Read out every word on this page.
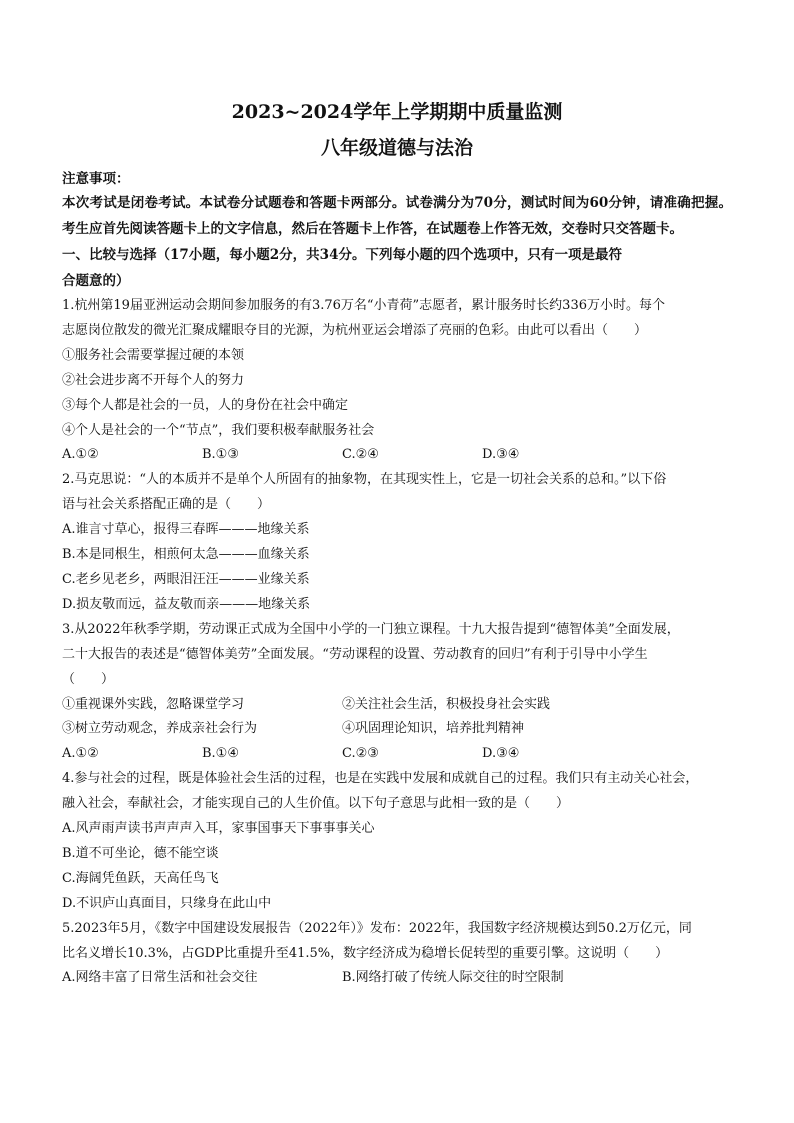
2023~2024学年上学期期中质量监测
八年级道德与法治
注意事项：
本次考试是闭卷考试。本试卷分试题卷和答题卡两部分。试卷满分为70分，测试时间为60分钟，请准确把握。考生应首先阅读答题卡上的文字信息，然后在答题卡上作答，在试题卷上作答无效，交卷时只交答题卡。
一、比较与选择（17小题，每小题2分，共34分。下列每小题的四个选项中，只有一项是最符
合题意的）
1.杭州第19届亚洲运动会期间参加服务的有3.76万名“小青荷”志愿者，累计服务时长约336万小时。每个
志愿岗位散发的微光汇聚成耀眼夺目的光源，为杭州亚运会增添了亮丽的色彩。由此可以看出（　　）
①服务社会需要掌握过硬的本领
②社会进步离不开每个人的努力
③每个人都是社会的一员，人的身份在社会中确定
④个人是社会的一个“节点”，我们要积极奉献服务社会
A.①②	B.①③	C.②④	D.③④
2.马克思说：“人的本质并不是单个人所固有的抽象物，在其现实性上，它是一切社会关系的总和。”以下俗
语与社会关系搭配正确的是（　　）
A.谁言寸草心，报得三春晖———地缘关系
B.本是同根生，相煎何太急———血缘关系
C.老乡见老乡，两眼泪汪汪———业缘关系
D.损友敬而远，益友敬而亲———地缘关系
3.从2022年秋季学期，劳动课正式成为全国中小学的一门独立课程。十九大报告提到“德智体美”全面发展，
二十大报告的表述是“德智体美劳”全面发展。“劳动课程的设置、劳动教育的回归”有利于引导中小学生
（　　）
①重视课外实践，忽略课堂学习	②关注社会生活，积极投身社会实践
③树立劳动观念，养成亲社会行为	④巩固理论知识，培养批判精神
A.①②	B.①④	C.②③	D.③④
4.参与社会的过程，既是体验社会生活的过程，也是在实践中发展和成就自己的过程。我们只有主动关心社会，
融入社会，奉献社会，才能实现自己的人生价值。以下句子意思与此相一致的是（　　）
A.风声雨声读书声声声入耳，家事国事天下事事事关心
B.道不可坐论，德不能空谈
C.海阔凭鱼跃，天高任鸟飞
D.不识庐山真面目，只缘身在此山中
5.2023年5月，《数字中国建设发展报告（2022年）》发布：2022年，我国数字经济规模达到50.2万亿元，同
比名义增长10.3%，占GDP比重提升至41.5%，数字经济成为稳增长促转型的重要引擎。这说明（　　）
A.网络丰富了日常生活和社会交往	B.网络打破了传统人际交往的时空限制
